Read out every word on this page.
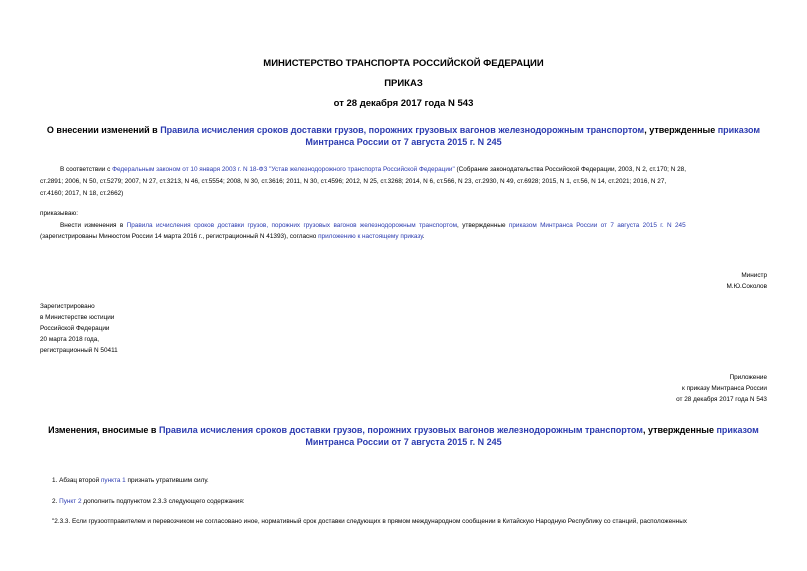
МИНИСТЕРСТВО ТРАНСПОРТА РОССИЙСКОЙ ФЕДЕРАЦИИ
ПРИКАЗ
от 28 декабря 2017 года N 543
О внесении изменений в Правила исчисления сроков доставки грузов, порожних грузовых вагонов железнодорожным транспортом, утвержденные приказом
Минтранса России от 7 августа 2015 г. N 245
В соответствии с Федеральным законом от 10 января 2003 г. N 18-ФЗ "Устав железнодорожного транспорта Российской Федерации" (Собрание законодательства Российской Федерации, 2003, N 2, ст.170; N 28,
ст.2891; 2006, N 50, ст.5279; 2007, N 27, ст.3213, N 46, ст.5554; 2008, N 30, ст.3616; 2011, N 30, ст.4596; 2012, N 25, ст.3268; 2014, N 6, ст.566, N 23, ст.2930, N 49, ст.6928; 2015, N 1, ст.56, N 14, ст.2021; 2016, N 27,
ст.4160; 2017, N 18, ст.2662)
приказываю:
Внести изменения в Правила исчисления сроков доставки грузов, порожних грузовых вагонов железнодорожным транспортом, утвержденные приказом Минтранса России от 7 августа 2015 г. N 245
(зарегистрированы Минюстом России 14 марта 2016 г., регистрационный N 41393), согласно приложению к настоящему приказу.
Министр
М.Ю.Соколов
Зарегистрировано
в Министерстве юстиции
Российской Федерации
20 марта 2018 года,
регистрационный N 50411
Приложение
к приказу Минтранса России
от 28 декабря 2017 года N 543
Изменения, вносимые в Правила исчисления сроков доставки грузов, порожних грузовых вагонов железнодорожным транспортом, утвержденные приказом
Минтранса России от 7 августа 2015 г. N 245
1. Абзац второй пункта 1 признать утратившим силу.
2. Пункт 2 дополнить подпунктом 2.3.3 следующего содержания:
"2.3.3. Если грузоотправителем и перевозчиком не согласовано иное, нормативный срок доставки следующих в прямом международном сообщении в Китайскую Народную Республику со станций, расположенных
